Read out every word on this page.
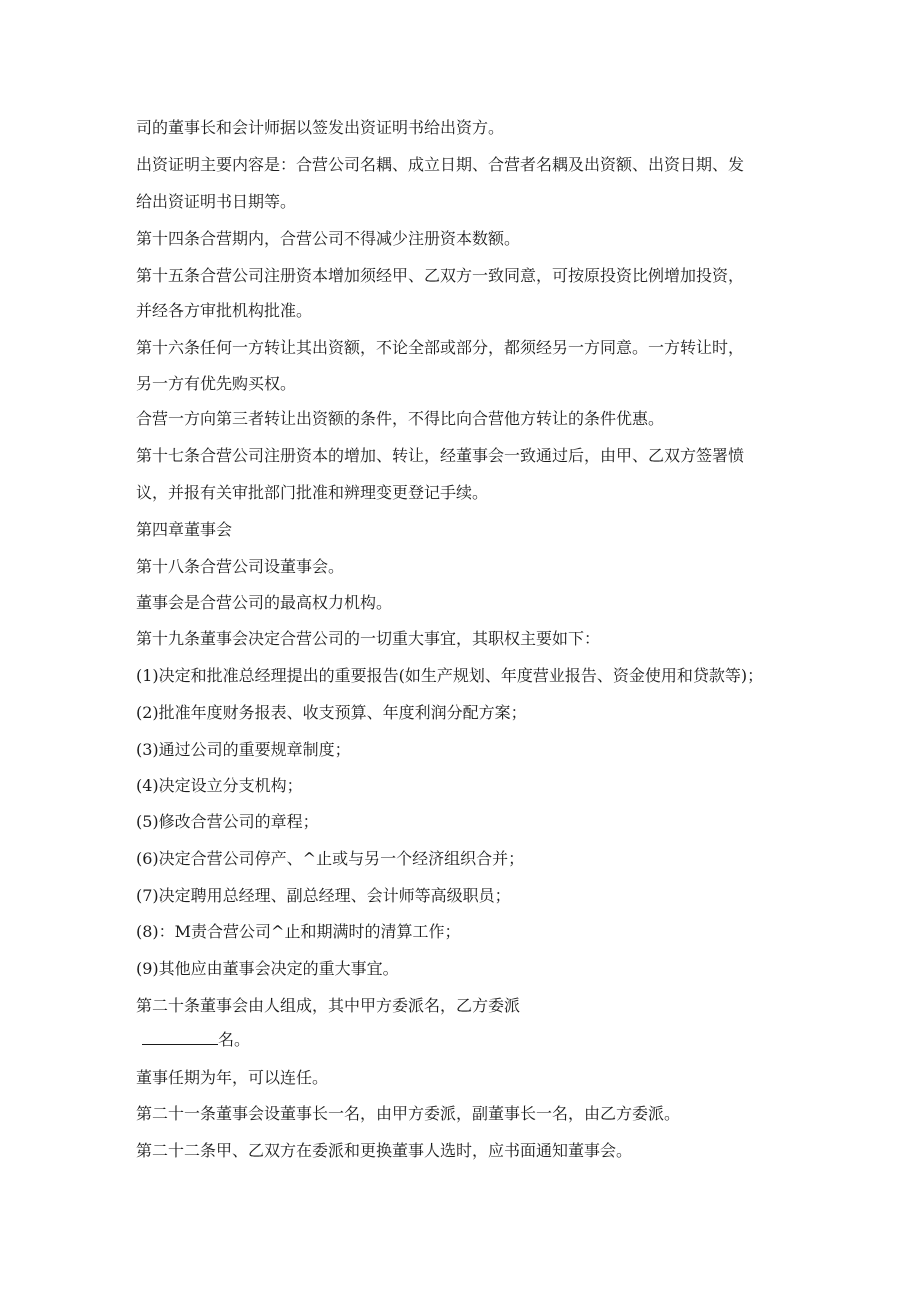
司的董事长和会计师据以签发出资证明书给出资方。
出资证明主要内容是：合营公司名耦、成立日期、合营者名耦及出资额、出资日期、发
给出资证明书日期等。
第十四条合营期内，合营公司不得减少注册资本数额。
第十五条合营公司注册资本增加须经甲、乙双方一致同意，可按原投资比例增加投资，
并经各方审批机构批准。
第十六条任何一方转让其出资额，不论全部或部分，都须经另一方同意。一方转让时，
另一方有优先购买权。
合营一方向第三者转让出资额的条件，不得比向合营他方转让的条件优惠。
第十七条合营公司注册资本的增加、转让，经董事会一致通过后，由甲、乙双方签署愤
议，并报有关审批部门批准和辨理变更登记手续。
第四章董事会
第十八条合营公司设董事会。
董事会是合营公司的最高权力机构。
第十九条董事会决定合营公司的一切重大事宜，其职权主要如下：
(1)决定和批准总经理提出的重要报告(如生产规划、年度营业报告、资金使用和贷款等)；
(2)批准年度财务报表、收支预算、年度利润分配方案；
(3)通过公司的重要规章制度；
(4)决定设立分支机构；
(5)修改合营公司的章程；
(6)决定合营公司停产、^止或与另一个经济组织合并；
(7)决定聘用总经理、副总经理、会计师等高级职员；
(8)：M责合营公司^止和期满时的清算工作；
(9)其他应由董事会决定的重大事宜。
第二十条董事会由人组成，其中甲方委派名，乙方委派
名。
董事任期为年，可以连任。
第二十一条董事会设董事长一名，由甲方委派，副董事长一名，由乙方委派。
第二十二条甲、乙双方在委派和更换董事人选时，应书面通知董事会。
